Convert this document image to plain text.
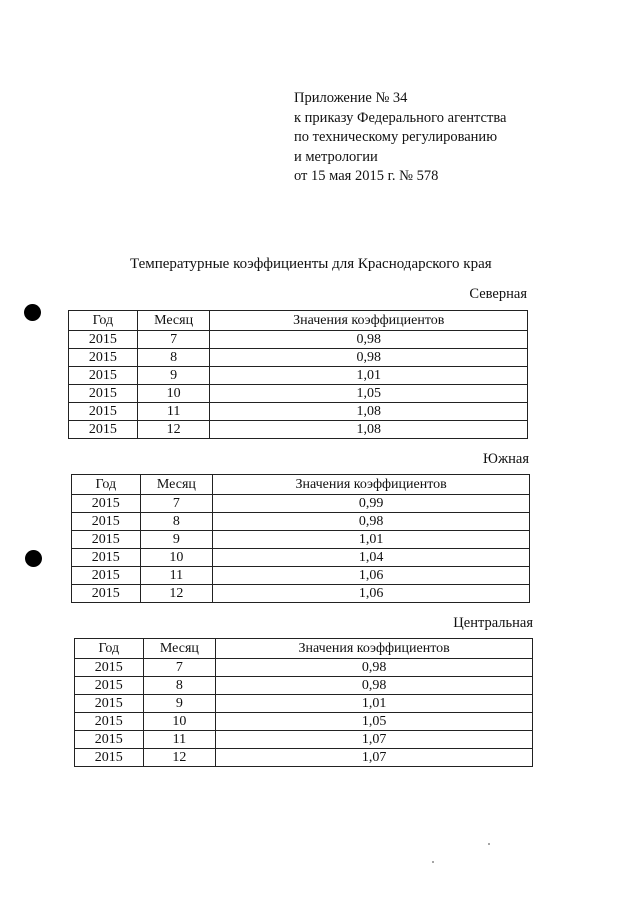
Приложение № 34
к приказу Федерального агентства
по техническому регулированию
и метрологии
от 15 мая 2015 г. № 578
Температурные коэффициенты для Краснодарского края
Северная
Год	Месяц	Значения коэффициентов
2015	7	0,98
2015	8	0,98
2015	9	1,01
2015	10	1,05
2015	11	1,08
2015	12	1,08
Южная
Год	Месяц	Значения коэффициентов
2015	7	0,99
2015	8	0,98
2015	9	1,01
2015	10	1,04
2015	11	1,06
2015	12	1,06
Центральная
Год	Месяц	Значения коэффициентов
2015	7	0,98
2015	8	0,98
2015	9	1,01
2015	10	1,05
2015	11	1,07
2015	12	1,07
